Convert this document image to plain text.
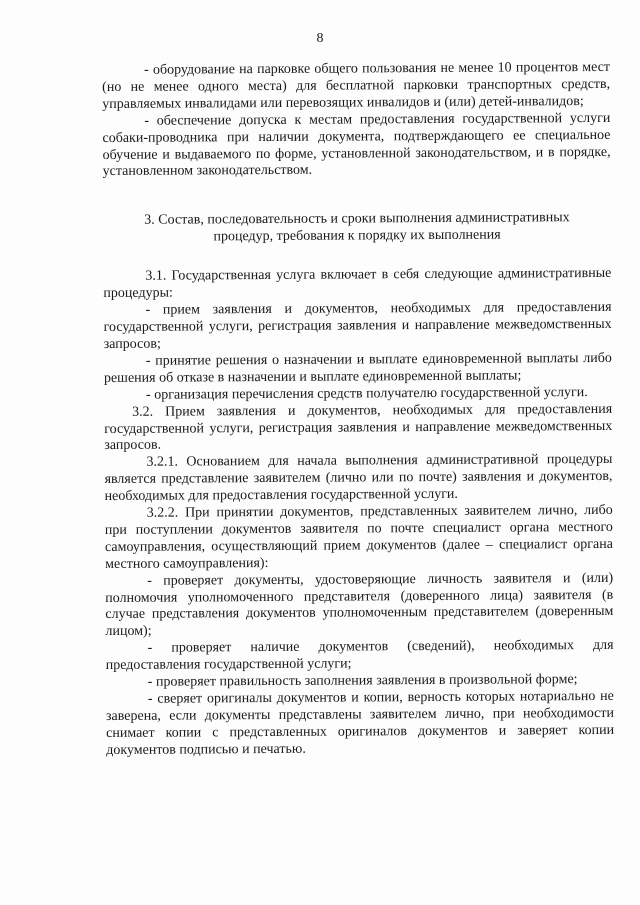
8

- оборудование на парковке общего пользования не менее 10 процентов мест (но не менее одного места) для бесплатной парковки транспортных средств, управляемых инвалидами или перевозящих инвалидов и (или) детей-инвалидов;

- обеспечение допуска к местам предоставления государственной услуги собаки-проводника при наличии документа, подтверждающего ее специальное обучение и выдаваемого по форме, установленной законодательством, и в порядке, установленном законодательством.

3. Состав, последовательность и сроки выполнения административных процедур, требования к порядку их выполнения

3.1. Государственная услуга включает в себя следующие административные процедуры:

- прием заявления и документов, необходимых для предоставления государственной услуги, регистрация заявления и направление межведомственных запросов;

- принятие решения о назначении и выплате единовременной выплаты либо решения об отказе в назначении и выплате единовременной выплаты;

- организация перечисления средств получателю государственной услуги.

3.2. Прием заявления и документов, необходимых для предоставления государственной услуги, регистрация заявления и направление межведомственных запросов.

3.2.1. Основанием для начала выполнения административной процедуры является представление заявителем (лично или по почте) заявления и документов, необходимых для предоставления государственной услуги.

3.2.2. При принятии документов, представленных заявителем лично, либо при поступлении документов заявителя по почте специалист органа местного самоуправления, осуществляющий прием документов (далее – специалист органа местного самоуправления):

- проверяет документы, удостоверяющие личность заявителя и (или) полномочия уполномоченного представителя (доверенного лица) заявителя (в случае представления документов уполномоченным представителем (доверенным лицом);

- проверяет наличие документов (сведений), необходимых для предоставления государственной услуги;

- проверяет правильность заполнения заявления в произвольной форме;

- сверяет оригиналы документов и копии, верность которых нотариально не заверена, если документы представлены заявителем лично, при необходимости снимает копии с представленных оригиналов документов и заверяет копии документов подписью и печатью.
